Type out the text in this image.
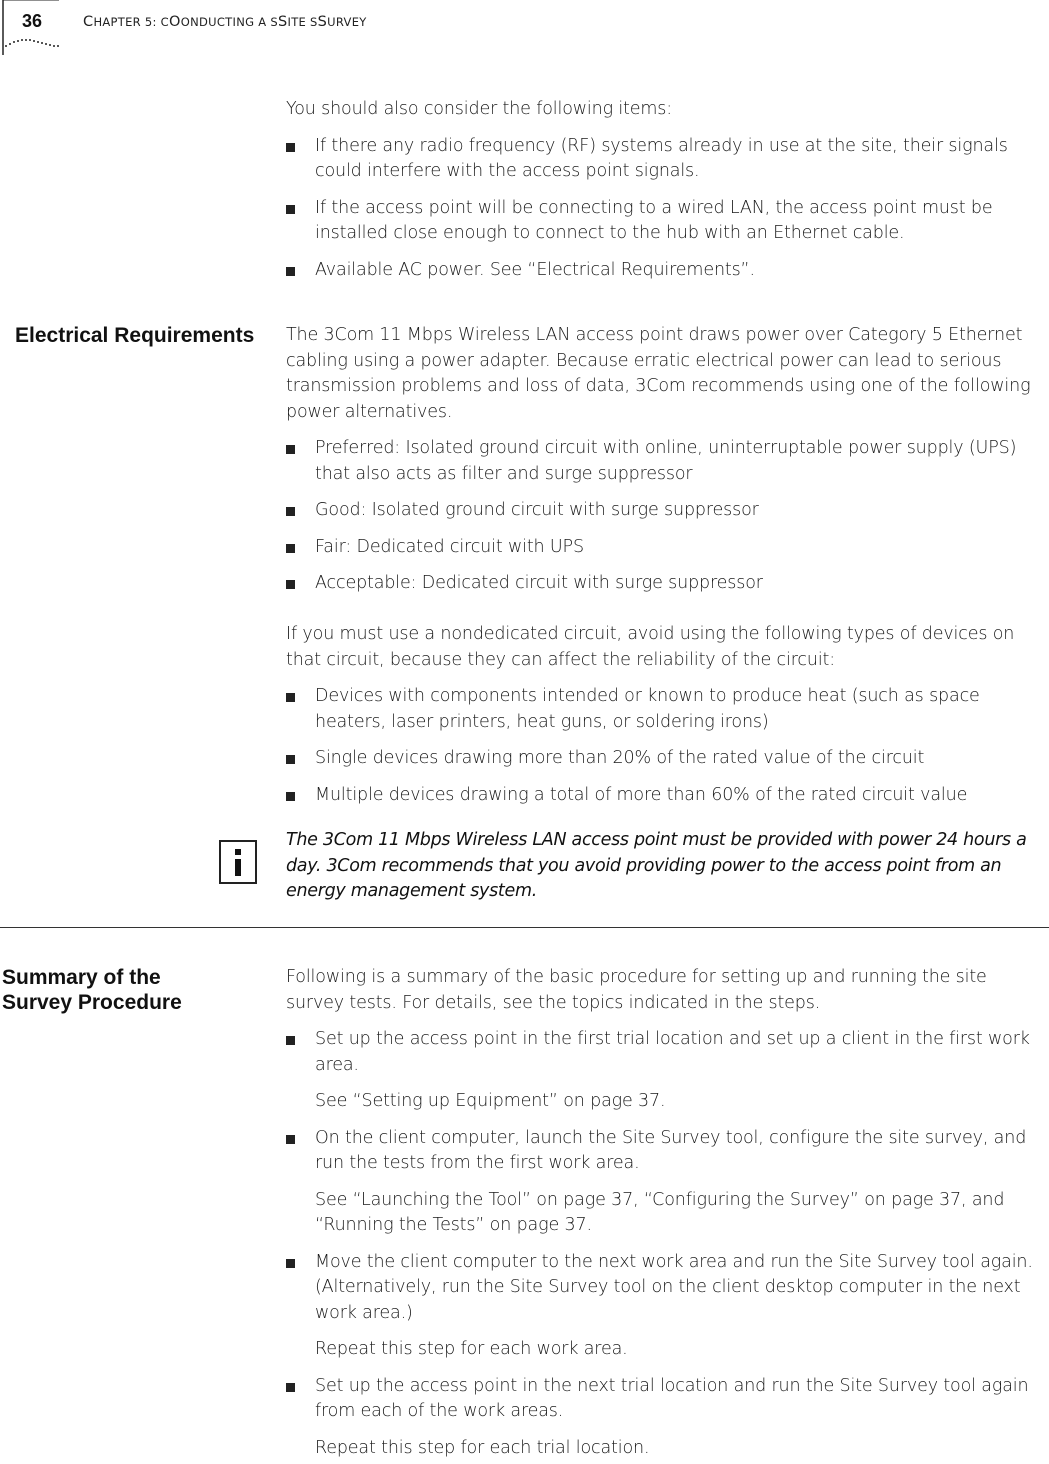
36	CHAPTER 5: COONDUCTING A SSITE SSURVEY
You should also consider the following items:
If there any radio frequency (RF) systems already in use at the site, their signals could interfere with the access point signals.
If the access point will be connecting to a wired LAN, the access point must be installed close enough to connect to the hub with an Ethernet cable.
Available AC power. See “Electrical Requirements”.
Electrical Requirements The 3Com 11 Mbps Wireless LAN access point draws power over Category 5 Ethernet cabling using a power adapter. Because erratic electrical power can lead to serious transmission problems and loss of data, 3Com recommends using one of the following power alternatives.
Preferred: Isolated ground circuit with online, uninterruptable power supply (UPS) that also acts as filter and surge suppressor
Good: Isolated ground circuit with surge suppressor
Fair: Dedicated circuit with UPS
Acceptable: Dedicated circuit with surge suppressor
If you must use a nondedicated circuit, avoid using the following types of devices on that circuit, because they can affect the reliability of the circuit:
Devices with components intended or known to produce heat (such as space heaters, laser printers, heat guns, or soldering irons)
Single devices drawing more than 20% of the rated value of the circuit
Multiple devices drawing a total of more than 60% of the rated circuit value
The 3Com 11 Mbps Wireless LAN access point must be provided with power 24 hours a day. 3Com recommends that you avoid providing power to the access point from an energy management system.
Summary of the
Survey Procedure
Following is a summary of the basic procedure for setting up and running the site survey tests. For details, see the topics indicated in the steps.
Set up the access point in the first trial location and set up a client in the first work area.
See “Setting up Equipment” on page 37.
On the client computer, launch the Site Survey tool, configure the site survey, and run the tests from the first work area.
See “Launching the Tool” on page 37, “Configuring the Survey” on page 37, and “Running the Tests” on page 37.
Move the client computer to the next work area and run the Site Survey tool again. (Alternatively, run the Site Survey tool on the client desktop computer in the next work area.)
Repeat this step for each work area.
Set up the access point in the next trial location and run the Site Survey tool again from each of the work areas.
Repeat this step for each trial location.
